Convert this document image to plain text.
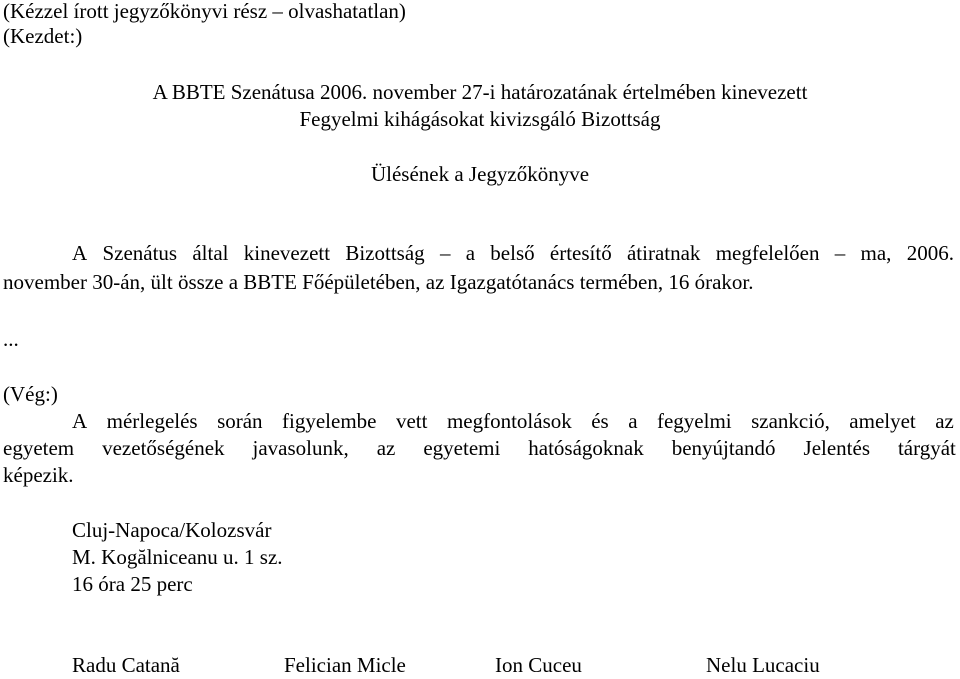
(Kézzel írott jegyzőkönyvi rész – olvashatatlan)
(Kezdet:)
A BBTE Szenátusa 2006. november 27-i határozatának értelmében kinevezett
Fegyelmi kihágásokat kivizsgáló Bizottság
Ülésének a Jegyzőkönyve
A Szenátus által kinevezett Bizottság – a belső értesítő átiratnak megfelelően – ma, 2006.
november 30-án, ült össze a BBTE Főépületében, az Igazgatótanács termében, 16 órakor.
...
(Vég:)
A mérlegelés során figyelembe vett megfontolások és a fegyelmi szankció, amelyet az
egyetem vezetőségének javasolunk, az egyetemi hatóságoknak benyújtandó Jelentés tárgyát
képezik.
Cluj-Napoca/Kolozsvár
M. Kogălniceanu u. 1 sz.
16 óra 25 perc
Radu Catană	Felician Micle	Ion Cuceu	Nelu Lucaciu
